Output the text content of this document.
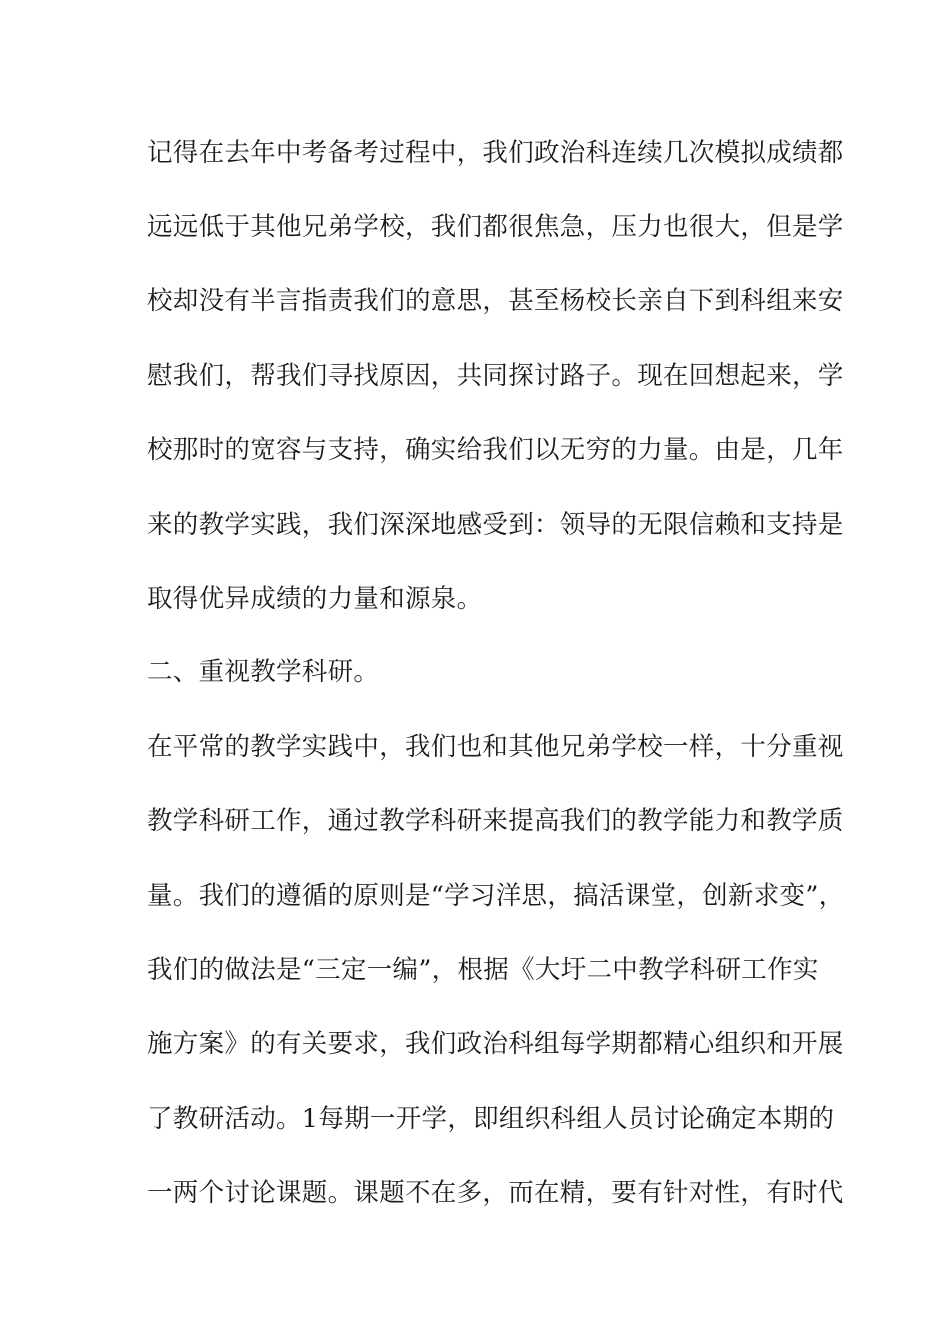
记得在去年中考备考过程中，我们政治科连续几次模拟成绩都
远远低于其他兄弟学校，我们都很焦急，压力也很大，但是学
校却没有半言指责我们的意思，甚至杨校长亲自下到科组来安
慰我们，帮我们寻找原因，共同探讨路子。现在回想起来，学
校那时的宽容与支持，确实给我们以无穷的力量。由是，几年
来的教学实践，我们深深地感受到：领导的无限信赖和支持是
取得优异成绩的力量和源泉。
二、重视教学科研。
在平常的教学实践中，我们也和其他兄弟学校一样，十分重视
教学科研工作，通过教学科研来提高我们的教学能力和教学质
量。我们的遵循的原则是“学习洋思，搞活课堂，创新求变”，
我们的做法是“三定一编”，根据《大圩二中教学科研工作实
施方案》的有关要求，我们政治科组每学期都精心组织和开展
了教研活动。1每期一开学，即组织科组人员讨论确定本期的
一两个讨论课题。课题不在多，而在精，要有针对性，有时代
